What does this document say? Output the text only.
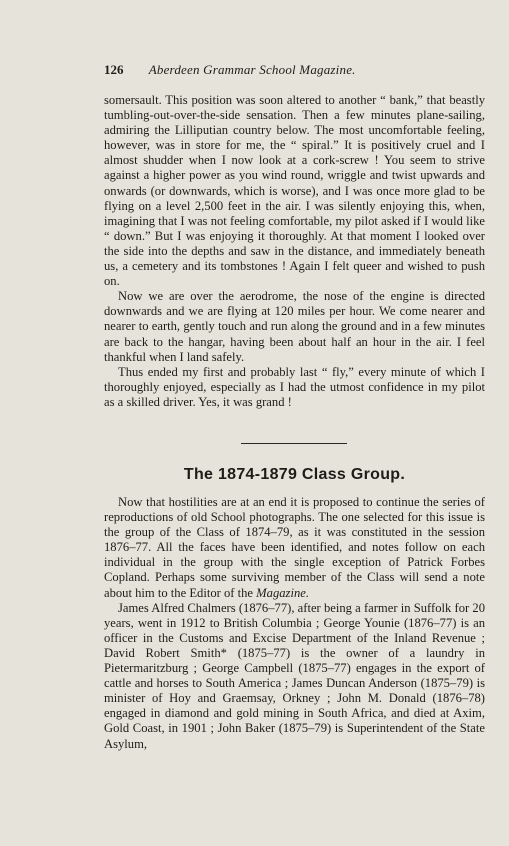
126 Aberdeen Grammar School Magazine.

somersault. This position was soon altered to another “ bank,” that beastly tumbling-out-over-the-side sensation. Then a few minutes plane-sailing, admiring the Lilliputian country below. The most uncomfortable feeling, however, was in store for me, the “ spiral.” It is positively cruel and I almost shudder when I now look at a cork-screw ! You seem to strive against a higher power as you wind round, wriggle and twist upwards and onwards (or downwards, which is worse), and I was once more glad to be flying on a level 2,500 feet in the air. I was silently enjoying this, when, imagining that I was not feeling comfortable, my pilot asked if I would like “ down.” But I was enjoying it thoroughly. At that moment I looked over the side into the depths and saw in the distance, and immediately beneath us, a cemetery and its tombstones ! Again I felt queer and wished to push on.

Now we are over the aerodrome, the nose of the engine is directed downwards and we are flying at 120 miles per hour. We come nearer and nearer to earth, gently touch and run along the ground and in a few minutes are back to the hangar, having been about half an hour in the air. I feel thankful when I land safely.

Thus ended my first and probably last “ fly,” every minute of which I thoroughly enjoyed, especially as I had the utmost confidence in my pilot as a skilled driver. Yes, it was grand !

The 1874-1879 Class Group.

Now that hostilities are at an end it is proposed to continue the series of reproductions of old School photographs. The one selected for this issue is the group of the Class of 1874–79, as it was constituted in the session 1876–77. All the faces have been identified, and notes follow on each individual in the group with the single exception of Patrick Forbes Copland. Perhaps some surviving member of the Class will send a note about him to the Editor of the Magazine.

James Alfred Chalmers (1876–77), after being a farmer in Suffolk for 20 years, went in 1912 to British Columbia ; George Younie (1876–77) is an officer in the Customs and Excise Department of the Inland Revenue ; David Robert Smith* (1875–77) is the owner of a laundry in Pietermaritzburg ; George Campbell (1875–77) engages in the export of cattle and horses to South America ; James Duncan Anderson (1875–79) is minister of Hoy and Graemsay, Orkney ; John M. Donald (1876–78) engaged in diamond and gold mining in South Africa, and died at Axim, Gold Coast, in 1901 ; John Baker (1875–79) is Superintendent of the State Asylum,
